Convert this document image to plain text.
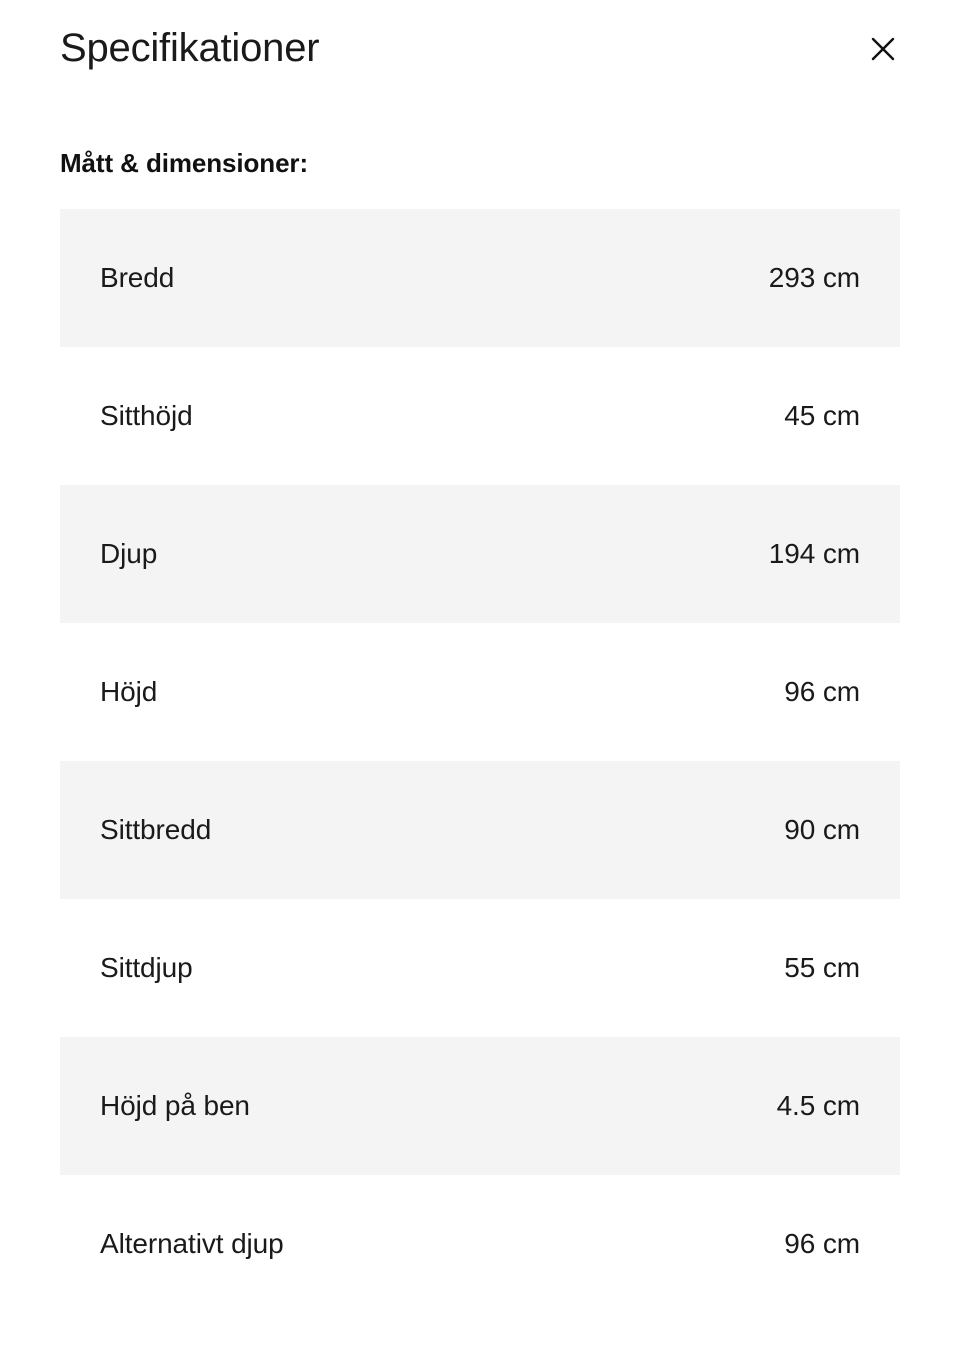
Specifikationer
Mått & dimensioner:
Bredd	293 cm
Sitthöjd	45 cm
Djup	194 cm
Höjd	96 cm
Sittbredd	90 cm
Sittdjup	55 cm
Höjd på ben	4.5 cm
Alternativt djup	96 cm
